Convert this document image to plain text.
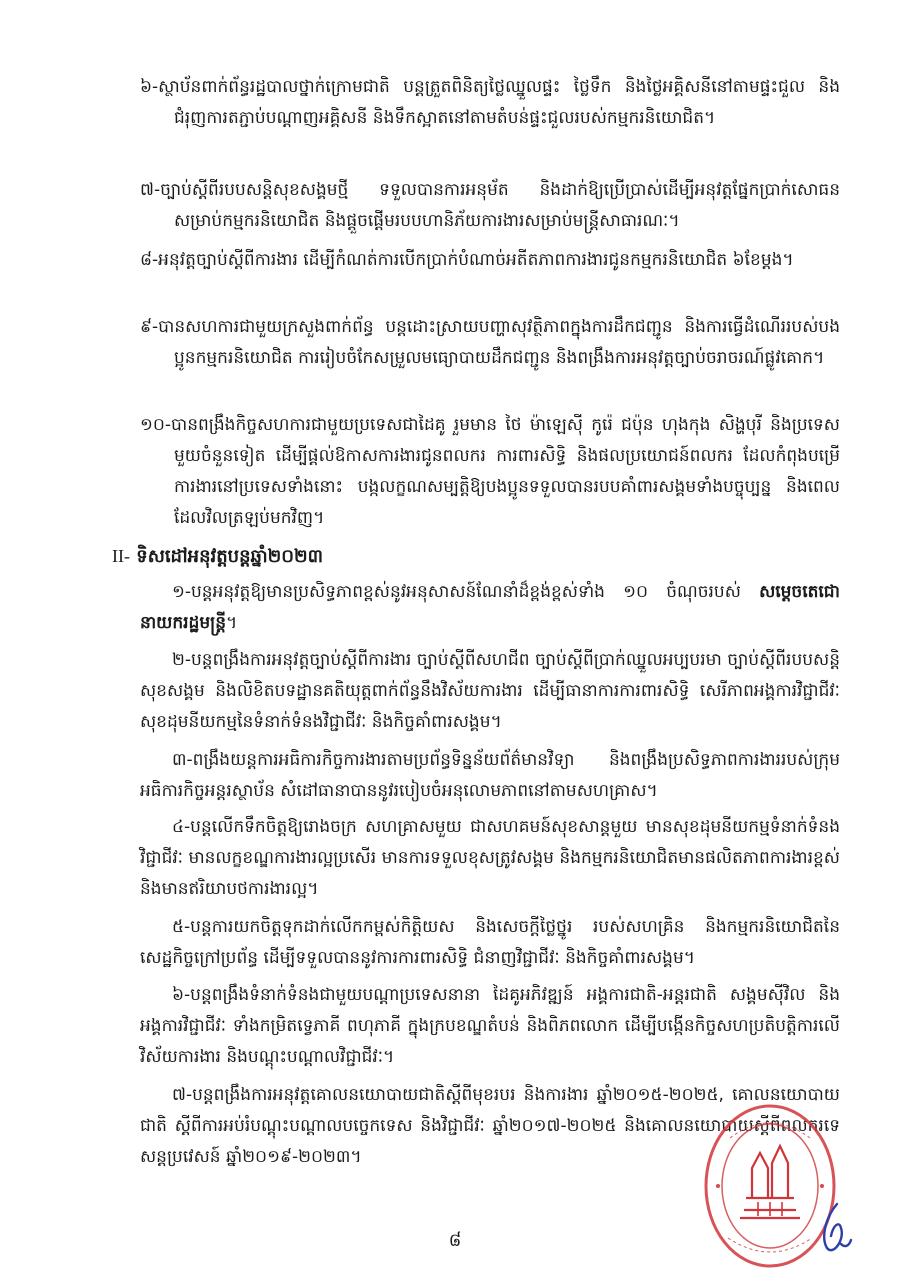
៦-ស្ថាប័នពាក់ព័ន្ធរដ្ឋបាលថ្នាក់ក្រោមជាតិ បន្តត្រួតពិនិត្យថ្លៃឈ្នួលផ្ទះ ថ្លៃទឹក និងថ្លៃអគ្គិសនីនៅតាមផ្ទះជួល និងជំរុញការតភ្ជាប់បណ្តាញអគ្គិសនី និងទឹកស្អាតនៅតាមតំបន់ផ្ទះជួលរបស់កម្មករនិយោជិត។

៧-ច្បាប់ស្តីពីរបបសន្តិសុខសង្គមថ្មី ទទួលបានការអនុម័ត និងដាក់ឱ្យប្រើប្រាស់ដើម្បីអនុវត្តផ្នែកប្រាក់សោធន សម្រាប់កម្មករនិយោជិត និងផ្តួចផ្តើមរបបហានិភ័យការងារសម្រាប់មន្ត្រីសាធារណៈ។

៨-អនុវត្តច្បាប់ស្តីពីការងារ ដើម្បីកំណត់ការបើកប្រាក់បំណាច់អតីតភាពការងារជូនកម្មករនិយោជិត ៦ខែម្តង។

៩-បានសហការជាមួយក្រសួងពាក់ព័ន្ធ បន្តដោះស្រាយបញ្ហាសុវត្ថិភាពក្នុងការដឹកជញ្ជូន និងការធ្វើដំណើររបស់បងប្អូនកម្មករនិយោជិត ការរៀបចំកែសម្រួលមធ្យោបាយដឹកជញ្ជូន និងពង្រឹងការអនុវត្តច្បាប់ចរាចរណ៍ផ្លូវគោក។

១០-បានពង្រឹងកិច្ចសហការជាមួយប្រទេសជាដៃគូ រួមមាន ថៃ ម៉ាឡេស៊ី កូរ៉េ ជប៉ុន ហុងកុង សិង្ហបុរី និងប្រទេសមួយចំនួនទៀត ដើម្បីផ្តល់ឱកាសការងារជូនពលករ ការពារសិទ្ធិ និងផលប្រយោជន៍ពលករ ដែលកំពុងបម្រើការងារនៅប្រទេសទាំងនោះ បង្កលក្ខណសម្បត្តិឱ្យបងប្អូនទទួលបានរបបគាំពារសង្គមទាំងបច្ចុប្បន្ន និងពេលដែលវិលត្រឡប់មកវិញ។

II- ទិសដៅអនុវត្តបន្តឆ្នាំ២០២៣

១-បន្តអនុវត្តឱ្យមានប្រសិទ្ធភាពខ្ពស់នូវអនុសាសន៍ណែនាំដ៏ខ្ពង់ខ្ពស់ទាំង ១០ ចំណុចរបស់ សម្តេចតេជោនាយករដ្ឋមន្ត្រី។

២-បន្តពង្រឹងការអនុវត្តច្បាប់ស្តីពីការងារ ច្បាប់ស្តីពីសហជីព ច្បាប់ស្តីពីប្រាក់ឈ្នួលអប្បបរមា ច្បាប់ស្តីពីរបបសន្តិសុខសង្គម និងលិខិតបទដ្ឋានគតិយុត្តពាក់ព័ន្ធនឹងវិស័យការងារ ដើម្បីធានាការការពារសិទ្ធិ សេរីភាពអង្គការវិជ្ជាជីវៈ សុខដុមនីយកម្មនៃទំនាក់ទំនងវិជ្ជាជីវៈ និងកិច្ចគាំពារសង្គម។

៣-ពង្រឹងយន្តការអធិការកិច្ចការងារតាមប្រព័ន្ធទិន្នន័យព័ត៌មានវិទ្យា និងពង្រឹងប្រសិទ្ធភាពការងាររបស់ក្រុមអធិការកិច្ចអន្តរស្ថាប័ន សំដៅធានាបាននូវរបៀបចំអនុលោមភាពនៅតាមសហគ្រាស។

៤-បន្តលើកទឹកចិត្តឱ្យរោងចក្រ សហគ្រាសមួយ ជាសហគមន៍សុខសាន្តមួយ មានសុខដុមនីយកម្មទំនាក់ទំនងវិជ្ជាជីវៈ មានលក្ខខណ្ឌការងារល្អប្រសើរ មានការទទួលខុសត្រូវសង្គម និងកម្មករនិយោជិតមានផលិតភាពការងារខ្ពស់ និងមានឥរិយាបថការងារល្អ។

៥-បន្តការយកចិត្តទុកដាក់លើកកម្ពស់កិត្តិយស និងសេចក្តីថ្លៃថ្នូរ របស់សហគ្រិន និងកម្មករនិយោជិតនៃសេដ្ឋកិច្ចក្រៅប្រព័ន្ធ ដើម្បីទទួលបាននូវការការពារសិទ្ធិ ជំនាញវិជ្ជាជីវៈ និងកិច្ចគាំពារសង្គម។

៦-បន្តពង្រឹងទំនាក់ទំនងជាមួយបណ្តាប្រទេសនានា ដៃគូអភិវឌ្ឍន៍ អង្គការជាតិ-អន្តរជាតិ សង្គមស៊ីវិល និងអង្គការវិជ្ជាជីវៈ ទាំងកម្រិតទ្វេភាគី ពហុភាគី ក្នុងក្របខណ្ឌតំបន់ និងពិភពលោក ដើម្បីបង្កើនកិច្ចសហប្រតិបត្តិការលើវិស័យការងារ និងបណ្តុះបណ្តាលវិជ្ជាជីវៈ។

៧-បន្តពង្រឹងការអនុវត្តគោលនយោបាយជាតិស្តីពីមុខរបរ និងការងារ ឆ្នាំ២០១៥-២០២៥, គោលនយោបាយជាតិ ស្តីពីការអប់រំបណ្តុះបណ្តាលបច្ចេកទេស និងវិជ្ជាជីវៈ ឆ្នាំ២០១៧-២០២៥ និងគោលនយោបាយស្តីពីពលករទេសន្តប្រវេសន៍ ឆ្នាំ២០១៩-២០២៣។

៨
